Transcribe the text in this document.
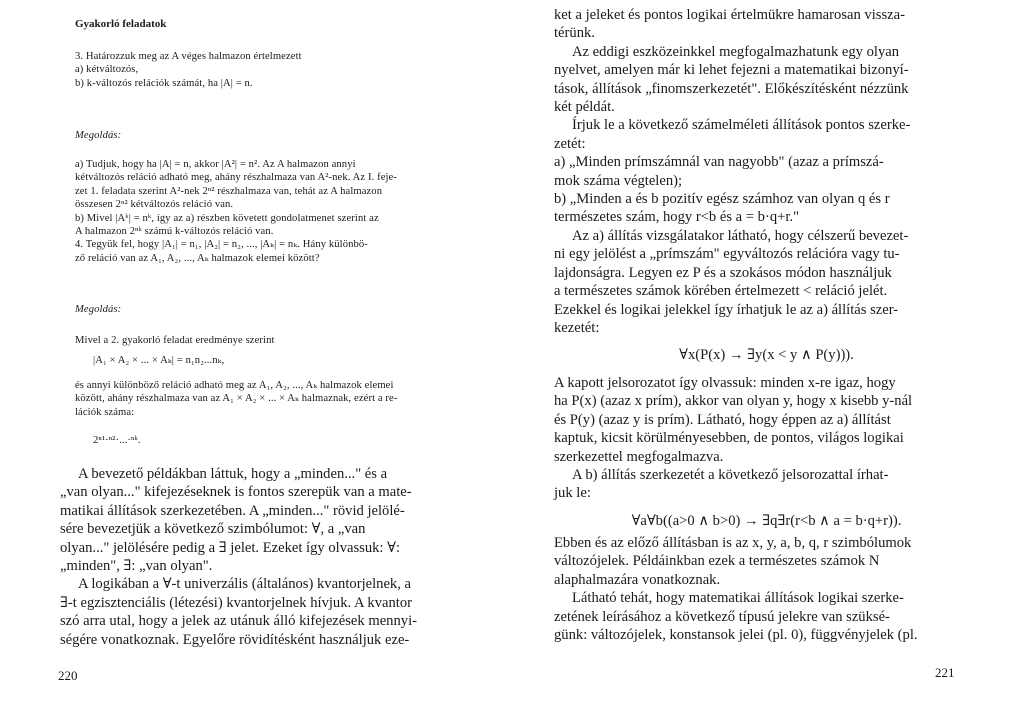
Gyakorló feladatok

3. Határozzuk meg az A véges halmazon értelmezett

a) kétváltozós,

b) k-változós relációk számát, ha |A| = n.

Megoldás:

a) Tudjuk, hogy ha |A| = n, akkor |A²| = n². Az A halmazon annyi

kétváltozós reláció adható meg, ahány részhalmaza van A²-nek. Az I. feje-

zet 1. feladata szerint A²-nek 2ⁿ² részhalmaza van, tehát az A halmazon

összesen 2ⁿ² kétváltozós reláció van.

b) Mivel |Aᵏ| = nᵏ, így az a) részben követett gondolatmenet szerint az

A halmazon 2ⁿᵏ számú k-változós reláció van.

4. Tegyük fel, hogy |A₁| = n₁, |A₂| = n₂, ..., |Aₖ| = nₖ. Hány különbö-

ző reláció van az A₁, A₂, ..., Aₖ halmazok elemei között?

Megoldás:
Mivel a 2. gyakorló feladat eredménye szerint
|A₁ × A₂ × ... × Aₖ| = n₁n₂...nₖ,

és annyi különböző reláció adható meg az A₁, A₂, ..., Aₖ halmazok elemei

között, ahány részhalmaza van az A₁ × A₂ × ... × Aₖ halmaznak, ezért a re-

lációk száma:

2ⁿ¹·ⁿ²·...·ⁿᵏ.

A bevezető példákban láttuk, hogy a „minden..." és a

„van olyan..." kifejezéseknek is fontos szerepük van a mate-

matikai állítások szerkezetében. A „minden..." rövid jelölé-

sére bevezetjük a következő szimbólumot: ∀, a „van

olyan..." jelölésére pedig a ∃ jelet. Ezeket így olvassuk: ∀:

„minden", ∃: „van olyan".

A logikában a ∀-t univerzális (általános) kvantorjelnek, a

∃-t egzisztenciális (létezési) kvantorjelnek hívjuk. A kvantor

szó arra utal, hogy a jelek az utánuk álló kifejezések mennyi-

ségére vonatkoznak. Egyelőre rövidítésként használjuk eze-

220

ket a jeleket és pontos logikai értelmükre hamarosan vissza-

térünk.

Az eddigi eszközeinkkel megfogalmazhatunk egy olyan

nyelvet, amelyen már ki lehet fejezni a matematikai bizonyí-

tások, állítások „finomszerkezetét". Előkészítésként nézzünk

két példát.

Írjuk le a következő számelméleti állítások pontos szerke-

zetét:

a) „Minden prímszámnál van nagyobb" (azaz a prímszá-

mok száma végtelen);

b) „Minden a és b pozitív egész számhoz van olyan q és r

természetes szám, hogy r<b és a = b·q+r."

Az a) állítás vizsgálatakor látható, hogy célszerű bevezet-

ni egy jelölést a „prímszám" egyváltozós relációra vagy tu-

lajdonságra. Legyen ez P és a szokásos módon használjuk

a természetes számok körében értelmezett < reláció jelét.

Ezekkel és logikai jelekkel így írhatjuk le az a) állítás szer-

kezetét:

∀x(P(x) → ∃y(x < y ∧ P(y))).

A kapott jelsorozatot így olvassuk: minden x-re igaz, hogy

ha P(x) (azaz x prím), akkor van olyan y, hogy x kisebb y-nál

és P(y) (azaz y is prím). Látható, hogy éppen az a) állítást

kaptuk, kicsit körülményesebben, de pontos, világos logikai

szerkezettel megfogalmazva.

A b) állítás szerkezetét a következő jelsorozattal írhat-

juk le:

∀a∀b((a>0 ∧ b>0) → ∃q∃r(r<b ∧ a = b·q+r)).

Ebben és az előző állításban is az x, y, a, b, q, r szimbólumok

változójelek. Példáinkban ezek a természetes számok N

alaphalmazára vonatkoznak.

Látható tehát, hogy matematikai állítások logikai szerke-

zetének leírásához a következő típusú jelekre van szüksé-

günk: változójelek, konstansok jelei (pl. 0), függvényjelek (pl.

221
